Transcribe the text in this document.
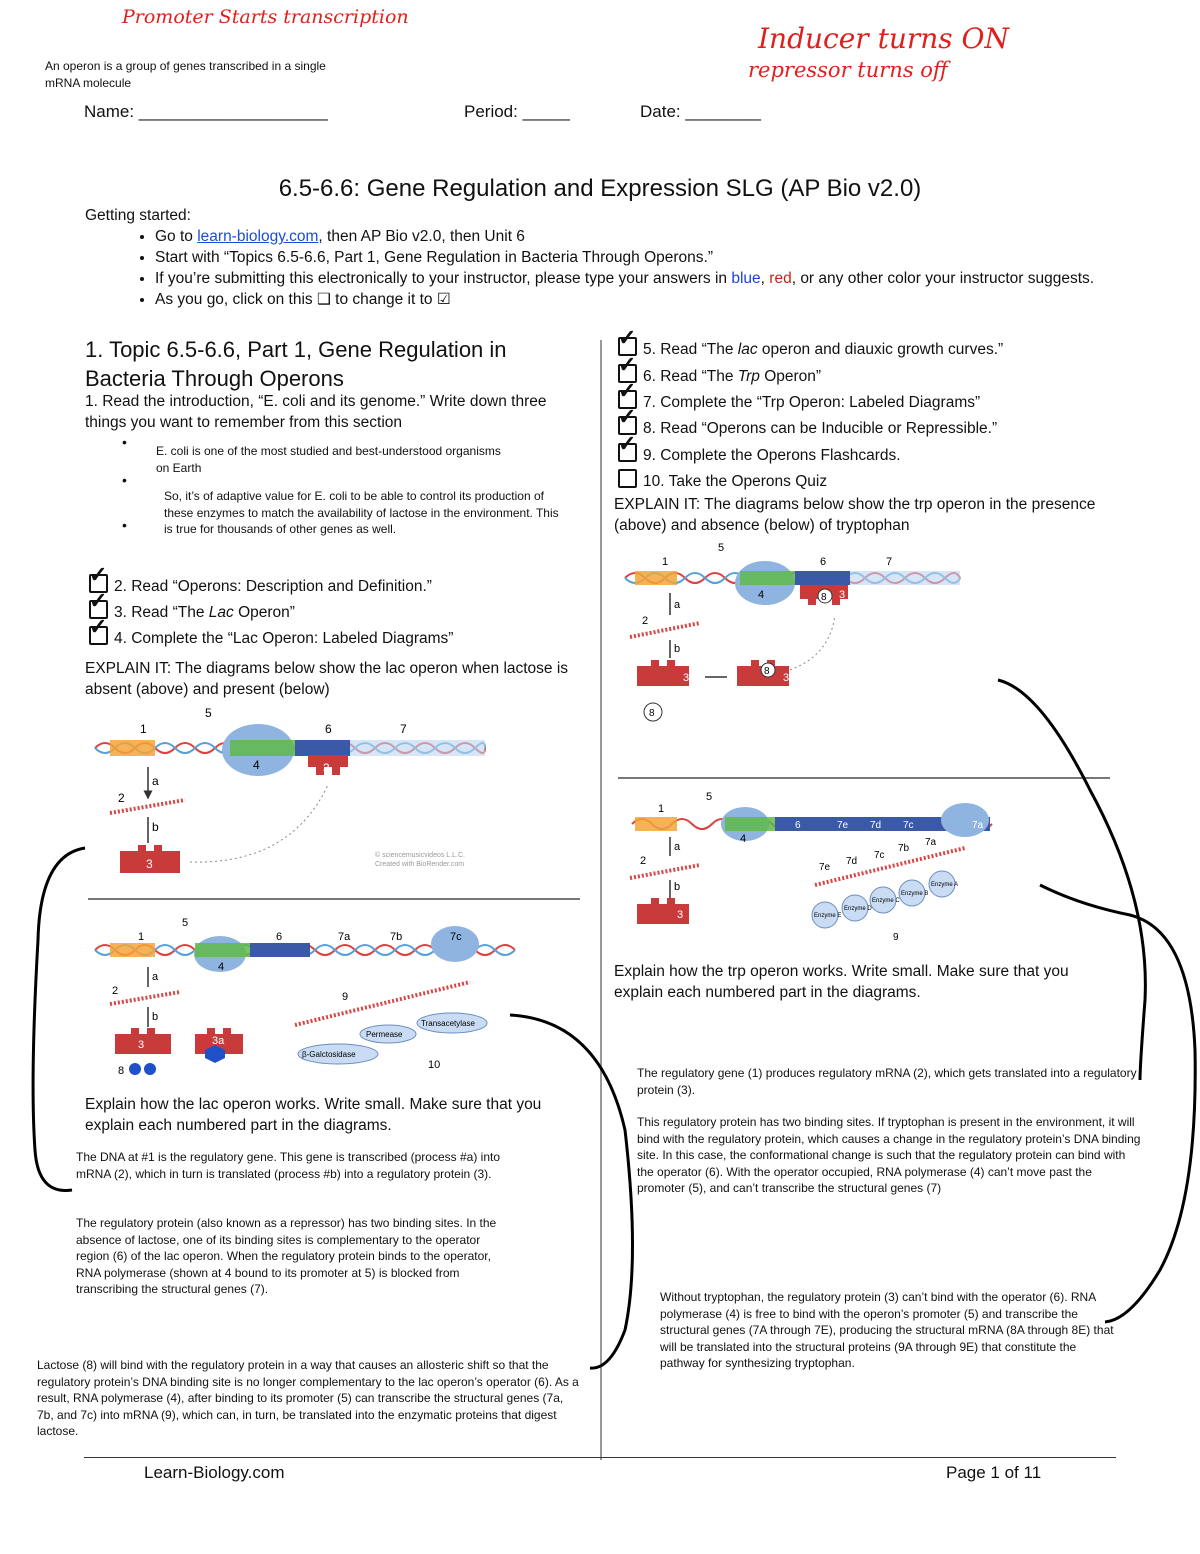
Promoter Starts transcription
Inducer turns ON
repressor turns off
An operon is a group of genes transcribed in a single mRNA molecule
Name: ____________________	Period: _____	Date: ________
6.5-6.6: Gene Regulation and Expression SLG (AP Bio v2.0)
Getting started:
• Go to learn-biology.com, then AP Bio v2.0, then Unit 6
• Start with “Topics 6.5-6.6, Part 1, Gene Regulation in Bacteria Through Operons.”
• If you’re submitting this electronically to your instructor, please type your answers in blue, red, or any other color your instructor suggests.
• As you go, click on this ❑ to change it to ☑
1. Topic 6.5-6.6, Part 1, Gene Regulation in Bacteria Through Operons
1. Read the introduction, “E. coli and its genome.” Write down three things you want to remember from this section
•
E. coli is one of the most studied and best-understood organisms on Earth
•
So, it’s of adaptive value for E. coli to be able to control its production of these enzymes to match the availability of lactose in the environment. This is true for thousands of other genes as well.
•
✓2. Read “Operons: Description and Definition.”
✓3. Read “The Lac Operon”
✓4. Complete the “Lac Operon: Labeled Diagrams”
EXPLAIN IT: The diagrams below show the lac operon when lactose is absent (above) and present (below)
1
5
6	7
4	3
a
2
b
3
© sciencemusicvideos L.L.C.
Created with BioRender.com
1
5
6	7a	7b	7c
4
a
2
b
3	3a
8
9
10
β-Galctosidase
Permease
Transacetylase
Explain how the lac operon works. Write small. Make sure that you explain each numbered part in the diagrams.
The DNA at #1 is the regulatory gene. This gene is transcribed (process #a) into mRNA (2), which in turn is translated (process #b) into a regulatory protein (3).
The regulatory protein (also known as a repressor) has two binding sites. In the absence of lactose, one of its binding sites is complementary to the operator region (6) of the lac operon. When the regulatory protein binds to the operator, RNA polymerase (shown at 4 bound to its promoter at 5) is blocked from transcribing the structural genes (7).
Lactose (8) will bind with the regulatory protein in a way that causes an allosteric shift so that the regulatory protein’s DNA binding site is no longer complementary to the lac operon’s operator (6). As a result, RNA polymerase (4), after binding to its promoter (5) can transcribe the structural genes (7a, 7b, and 7c) into mRNA (9), which can, in turn, be translated into the enzymatic proteins that digest lactose.
✓5. Read “The lac operon and diauxic growth curves.”
✓6. Read “The Trp Operon”
✓7. Complete the “Trp Operon: Labeled Diagrams”
✓8. Read “Operons can be Inducible or Repressible.”
✓9. Complete the Operons Flashcards.
10. Take the Operons Quiz
EXPLAIN IT: The diagrams below show the trp operon in the presence (above) and absence (below) of tryptophan
1
5
6	7
4	8 3
a
2
b
3
8
3
8
1
5
4
6	7e 7d 7c
7b
7a
a
2
b
3
7e
7d
7c
7b
7a
9
Enzyme E
Enzyme D
Enzyme C
Enzyme B
Enzyme A
Explain how the trp operon works. Write small. Make sure that you explain each numbered part in the diagrams.
The regulatory gene (1) produces regulatory mRNA (2), which gets translated into a regulatory protein (3).
This regulatory protein has two binding sites. If tryptophan is present in the environment, it will bind with the regulatory protein, which causes a change in the regulatory protein’s DNA binding site. In this case, the conformational change is such that the regulatory protein can bind with the operator (6). With the operator occupied, RNA polymerase (4) can’t move past the promoter (5), and can’t transcribe the structural genes (7)
Without tryptophan, the regulatory protein (3) can’t bind with the operator (6). RNA polymerase (4) is free to bind with the operon’s promoter (5) and transcribe the structural genes (7A through 7E), producing the structural mRNA (8A through 8E) that will be translated into the structural proteins (9A through 9E) that constitute the pathway for synthesizing tryptophan.
Learn-Biology.com	Page 1 of 11
